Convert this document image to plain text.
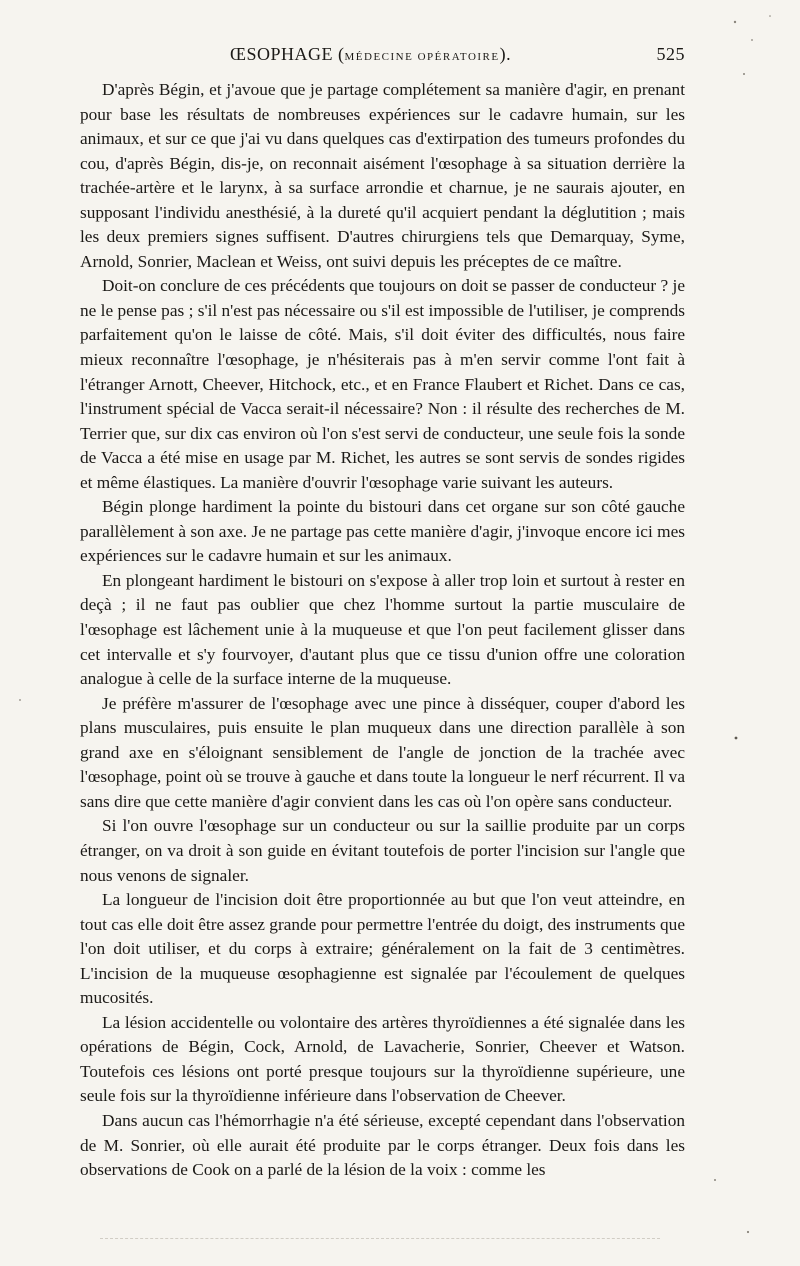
ŒSOPHAGE (MÉDECINE OPÉRATOIRE).	525

D'après Bégin, et j'avoue que je partage complétement sa manière d'agir, en prenant pour base les résultats de nombreuses expériences sur le cadavre humain, sur les animaux, et sur ce que j'ai vu dans quelques cas d'extirpation des tumeurs profondes du cou, d'après Bégin, dis-je, on reconnait aisément l'œsophage à sa situation derrière la trachée-artère et le larynx, à sa surface arrondie et charnue, je ne saurais ajouter, en supposant l'individu anesthésié, à la dureté qu'il acquiert pendant la déglutition ; mais les deux premiers signes suffisent. D'autres chirurgiens tels que Demarquay, Syme, Arnold, Sonrier, Maclean et Weiss, ont suivi depuis les préceptes de ce maître.

Doit-on conclure de ces précédents que toujours on doit se passer de conducteur ? je ne le pense pas ; s'il n'est pas nécessaire ou s'il est impossible de l'utiliser, je comprends parfaitement qu'on le laisse de côté. Mais, s'il doit éviter des difficultés, nous faire mieux reconnaître l'œsophage, je n'hésiterais pas à m'en servir comme l'ont fait à l'étranger Arnott, Cheever, Hitchock, etc., et en France Flaubert et Richet. Dans ce cas, l'instrument spécial de Vacca serait-il nécessaire? Non : il résulte des recherches de M. Terrier que, sur dix cas environ où l'on s'est servi de conducteur, une seule fois la sonde de Vacca a été mise en usage par M. Richet, les autres se sont servis de sondes rigides et même élastiques. La manière d'ouvrir l'œsophage varie suivant les auteurs.

Bégin plonge hardiment la pointe du bistouri dans cet organe sur son côté gauche parallèlement à son axe. Je ne partage pas cette manière d'agir, j'invoque encore ici mes expériences sur le cadavre humain et sur les animaux.

En plongeant hardiment le bistouri on s'expose à aller trop loin et surtout à rester en deçà ; il ne faut pas oublier que chez l'homme surtout la partie musculaire de l'œsophage est lâchement unie à la muqueuse et que l'on peut facilement glisser dans cet intervalle et s'y fourvoyer, d'autant plus que ce tissu d'union offre une coloration analogue à celle de la surface interne de la muqueuse.

Je préfère m'assurer de l'œsophage avec une pince à disséquer, couper d'abord les plans musculaires, puis ensuite le plan muqueux dans une direction parallèle à son grand axe en s'éloignant sensiblement de l'angle de jonction de la trachée avec l'œsophage, point où se trouve à gauche et dans toute la longueur le nerf récurrent. Il va sans dire que cette manière d'agir convient dans les cas où l'on opère sans conducteur.

Si l'on ouvre l'œsophage sur un conducteur ou sur la saillie produite par un corps étranger, on va droit à son guide en évitant toutefois de porter l'incision sur l'angle que nous venons de signaler.

La longueur de l'incision doit être proportionnée au but que l'on veut atteindre, en tout cas elle doit être assez grande pour permettre l'entrée du doigt, des instruments que l'on doit utiliser, et du corps à extraire; généralement on la fait de 3 centimètres. L'incision de la muqueuse œsophagienne est signalée par l'écoulement de quelques mucosités.

La lésion accidentelle ou volontaire des artères thyroïdiennes a été signalée dans les opérations de Bégin, Cock, Arnold, de Lavacherie, Sonrier, Cheever et Watson. Toutefois ces lésions ont porté presque toujours sur la thyroïdienne supérieure, une seule fois sur la thyroïdienne inférieure dans l'observation de Cheever.

Dans aucun cas l'hémorrhagie n'a été sérieuse, excepté cependant dans l'observation de M. Sonrier, où elle aurait été produite par le corps étranger. Deux fois dans les observations de Cook on a parlé de la lésion de la voix : comme les
